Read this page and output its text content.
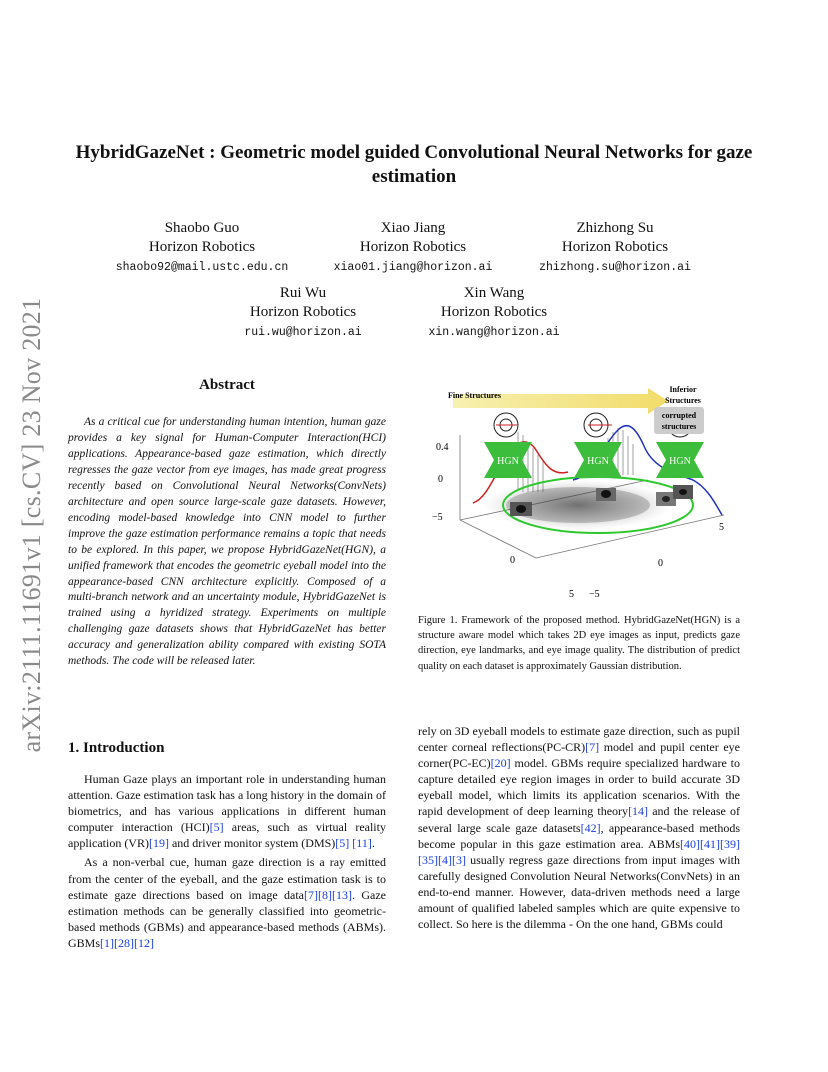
HybridGazeNet : Geometric model guided Convolutional Neural Networks for gaze estimation
Shaobo Guo
Horizon Robotics
shaobo92@mail.ustc.edu.cn
Xiao Jiang
Horizon Robotics
xiao01.jiang@horizon.ai
Zhizhong Su
Horizon Robotics
zhizhong.su@horizon.ai
Rui Wu
Horizon Robotics
rui.wu@horizon.ai
Xin Wang
Horizon Robotics
xin.wang@horizon.ai
arXiv:2111.11691v1 [cs.CV] 23 Nov 2021	Abstract

As a critical cue for understanding human intention, human gaze provides a key signal for Human-Computer Interaction(HCI) applications. Appearance-based gaze estimation, which directly regresses the gaze vector from eye images, has made great progress recently based on Convolutional Neural Networks(ConvNets) architecture and open source large-scale gaze datasets. However, encoding model-based knowledge into CNN model to further improve the gaze estimation performance remains a topic that needs to be explored. In this paper, we propose HybridGazeNet(HGN), a unified framework that encodes the geometric eyeball model into the appearance-based CNN architecture explicitly. Composed of a multi-branch network and an uncertainty module, HybridGazeNet is trained using a hyridized strategy. Experiments on multiple challenging gaze datasets shows that HybridGazeNet has better accuracy and generalization ability compared with existing SOTA methods. The code will be released later.

1. Introduction

Human Gaze plays an important role in understanding human attention. Gaze estimation task has a long history in the domain of biometrics, and has various applications in different human computer interaction (HCI)[5] areas, such as virtual reality application (VR)[19] and driver monitor system (DMS)[5] [11].

As a non-verbal cue, human gaze direction is a ray emitted from the center of the eyeball, and the gaze estimation task is to estimate gaze directions based on image data[7][8][13]. Gaze estimation methods can be generally classified into geometric-based methods (GBMs) and appearance-based methods (ABMs). GBMs[1][28][12]

rely on 3D eyeball models to estimate gaze direction, such as pupil center corneal reflections(PC-CR)[7] model and pupil center eye corner(PC-EC)[20] model. GBMs require specialized hardware to capture detailed eye region images in order to build accurate 3D eyeball model, which limits its application scenarios. With the rapid development of deep learning theory[14] and the release of several large scale gaze datasets[42], appearance-based methods become popular in this gaze estimation area. ABMs[40][41][39][35][4][3] usually regress gaze directions from input images with carefully designed Convolution Neural Networks(ConvNets) in an end-to-end manner. However, data-driven methods need a large amount of qualified labeled samples which are quite expensive to collect. So here is the dilemma - On the one hand, GBMs could

HGN	HGN	HGN
corrupted
structures
Fine Structures
Inferior
Structures
0.4
0
−5
5
0	0
5 −5

Figure 1. Framework of the proposed method. HybridGazeNet(HGN) is a structure aware model which takes 2D eye images as input, predicts gaze direction, eye landmarks, and eye image quality. The distribution of predict quality on each dataset is approximately Gaussian distribution.
